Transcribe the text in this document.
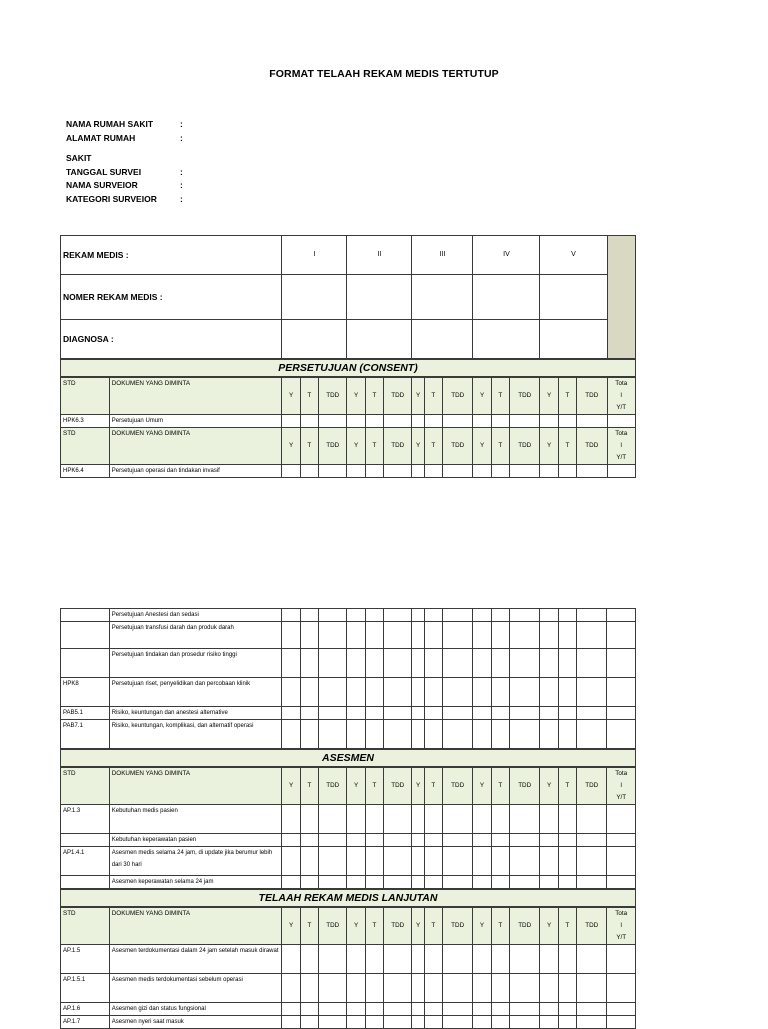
FORMAT TELAAH REKAM MEDIS TERTUTUP
NAMA RUMAH SAKIT	:
ALAMAT RUMAH	:
SAKIT
TANGGAL SURVEI	:
NAMA SURVEIOR	:
KATEGORI SURVEIOR	:
REKAM MEDIS :		I			II			III			IV			V			
NOMER REKAM MEDIS :																	
DIAGNOSA :																	
PERSETUJUAN (CONSENT)																	
STD	DOKUMEN YANG DIMINTA	Y	T	TDD	Y	T	TDD	Y	T	TDD	Y	T	TDD	Y	T	TDD	Tota
l
Y/T

HPK6.3	Persetujuan Umum																
STD	DOKUMEN YANG DIMINTA	Y	T	TDD	Y	T	TDD	Y	T	TDD	Y	T	TDD	Y	T	TDD	Tota
l
Y/T

HPK6.4	Persetujuan operasi dan tindakan invasif																
	Persetujuan Anestesi dan sedasi																
	Persetujuan transfusi darah dan produk darah																
	Persetujuan tindakan dan prosedur risiko tinggi																
HPK8	Persetujuan riset, penyelidikan dan percobaan klinik																
PAB5.1	Risiko, keuntungan dan anestesi alternative																
PAB7.1	Risiko, keuntungan, komplikasi, dan alternatif operasi																
ASESMEN																	
STD	DOKUMEN YANG DIMINTA	Y	T	TDD	Y	T	TDD	Y	T	TDD	Y	T	TDD	Y	T	TDD	Tota
l
Y/T

AP.1.3	Kebutuhan medis pasien																
	Kebutuhan keperawatan pasien																
AP1.4.1	Asesmen medis selama 24 jam, di update jika berumur lebih dari 30 hari																
	Asesmen keperawatan selama 24 jam																
TELAAH REKAM MEDIS LANJUTAN																	
STD	DOKUMEN YANG DIMINTA	Y	T	TDD	Y	T	TDD	Y	T	TDD	Y	T	TDD	Y	T	TDD	Tota
l
Y/T

AP.1.5	Asesmen terdokumentasi dalam 24 jam setelah masuk dirawat																
AP.1.5.1	Asesmen medis terdokumentasi sebelum operasi																
AP.1.6	Asesmen gizi dan status fungsional																
AP.1.7	Asesmen nyeri saat masuk																
